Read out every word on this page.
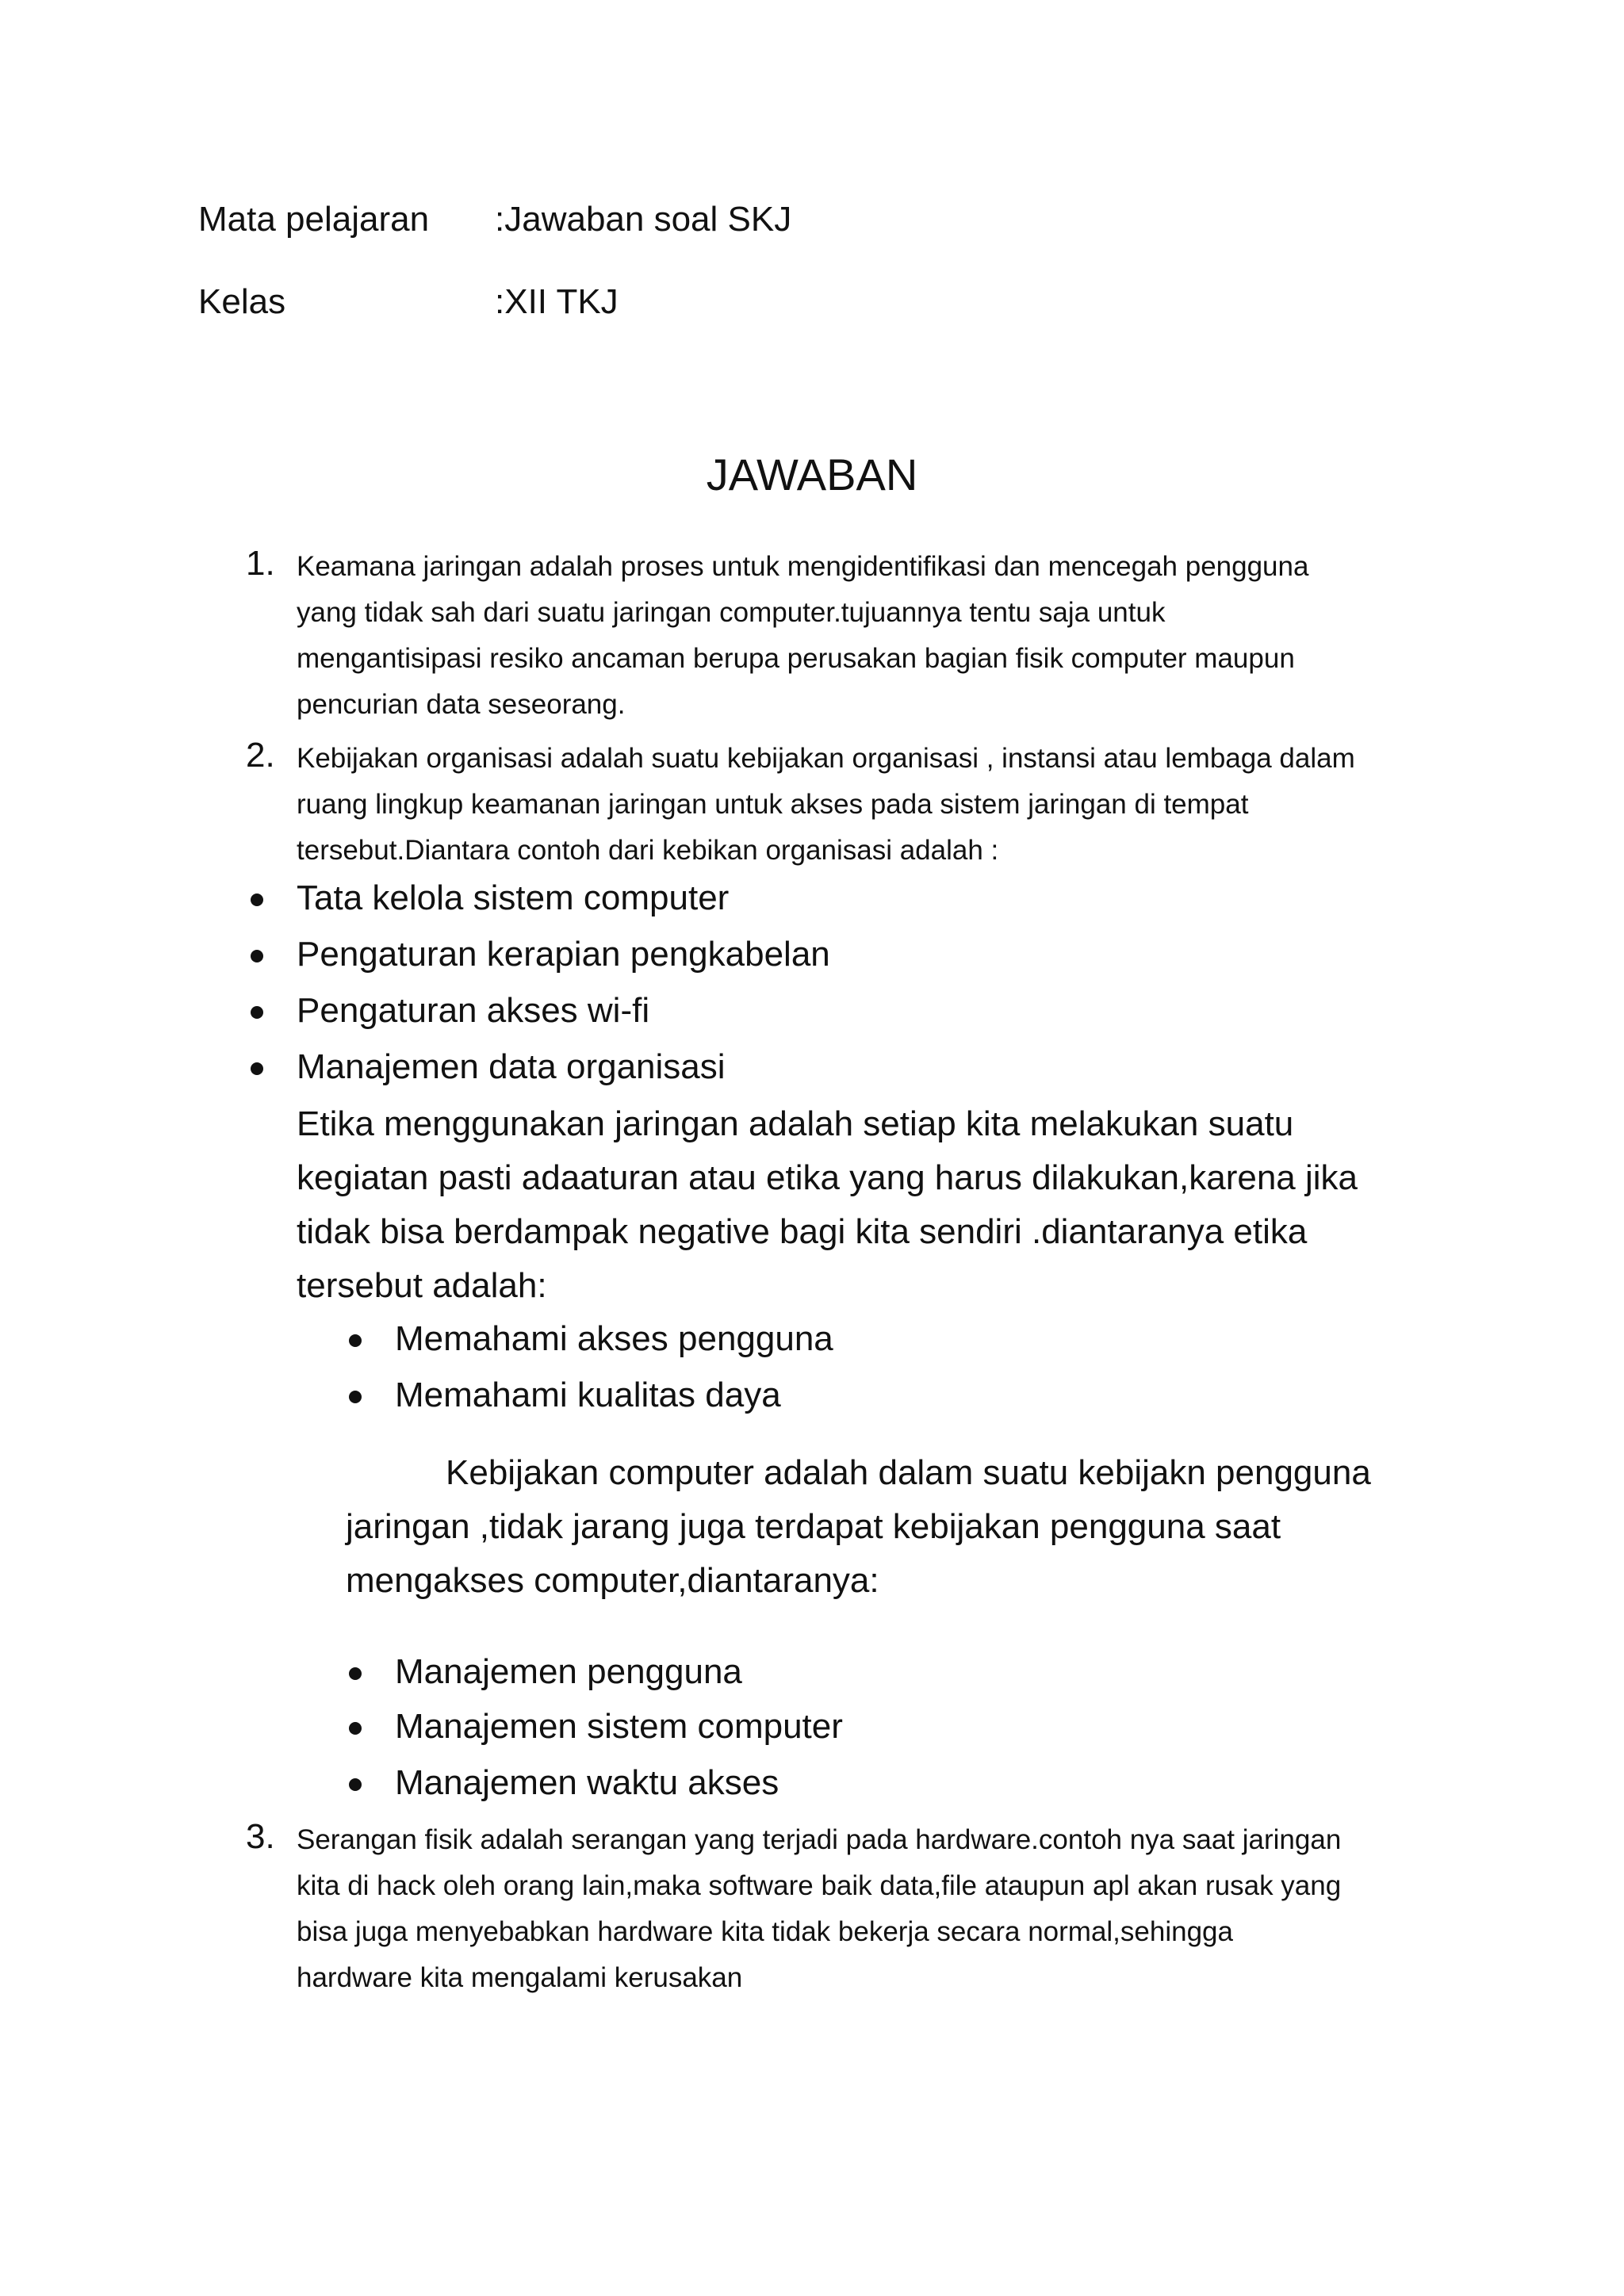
Mata pelajaran :Jawaban soal SKJ
Kelas	:XII TKJ
JAWABAN
1. Keamana jaringan adalah proses untuk mengidentifikasi dan mencegah pengguna
yang tidak sah dari suatu jaringan computer.tujuannya tentu saja untuk
mengantisipasi resiko ancaman berupa perusakan bagian fisik computer maupun
pencurian data seseorang.
2. Kebijakan organisasi adalah suatu kebijakan organisasi , instansi atau lembaga dalam
ruang lingkup keamanan jaringan untuk akses pada sistem jaringan di tempat
tersebut.Diantara contoh dari kebikan organisasi adalah :
Tata kelola sistem computer
Pengaturan kerapian pengkabelan
Pengaturan akses wi-fi
Manajemen data organisasi
Etika menggunakan jaringan adalah setiap kita melakukan suatu
kegiatan pasti adaaturan atau etika yang harus dilakukan,karena jika
tidak bisa berdampak negative bagi kita sendiri .diantaranya etika
tersebut adalah:
Memahami akses pengguna
Memahami kualitas daya
Kebijakan computer adalah dalam suatu kebijakn pengguna
jaringan ,tidak jarang juga terdapat kebijakan pengguna saat
mengakses computer,diantaranya:
Manajemen pengguna
Manajemen sistem computer
Manajemen waktu akses
3. Serangan fisik adalah serangan yang terjadi pada hardware.contoh nya saat jaringan
kita di hack oleh orang lain,maka software baik data,file ataupun apl akan rusak yang
bisa juga menyebabkan hardware kita tidak bekerja secara normal,sehingga
hardware kita mengalami kerusakan
